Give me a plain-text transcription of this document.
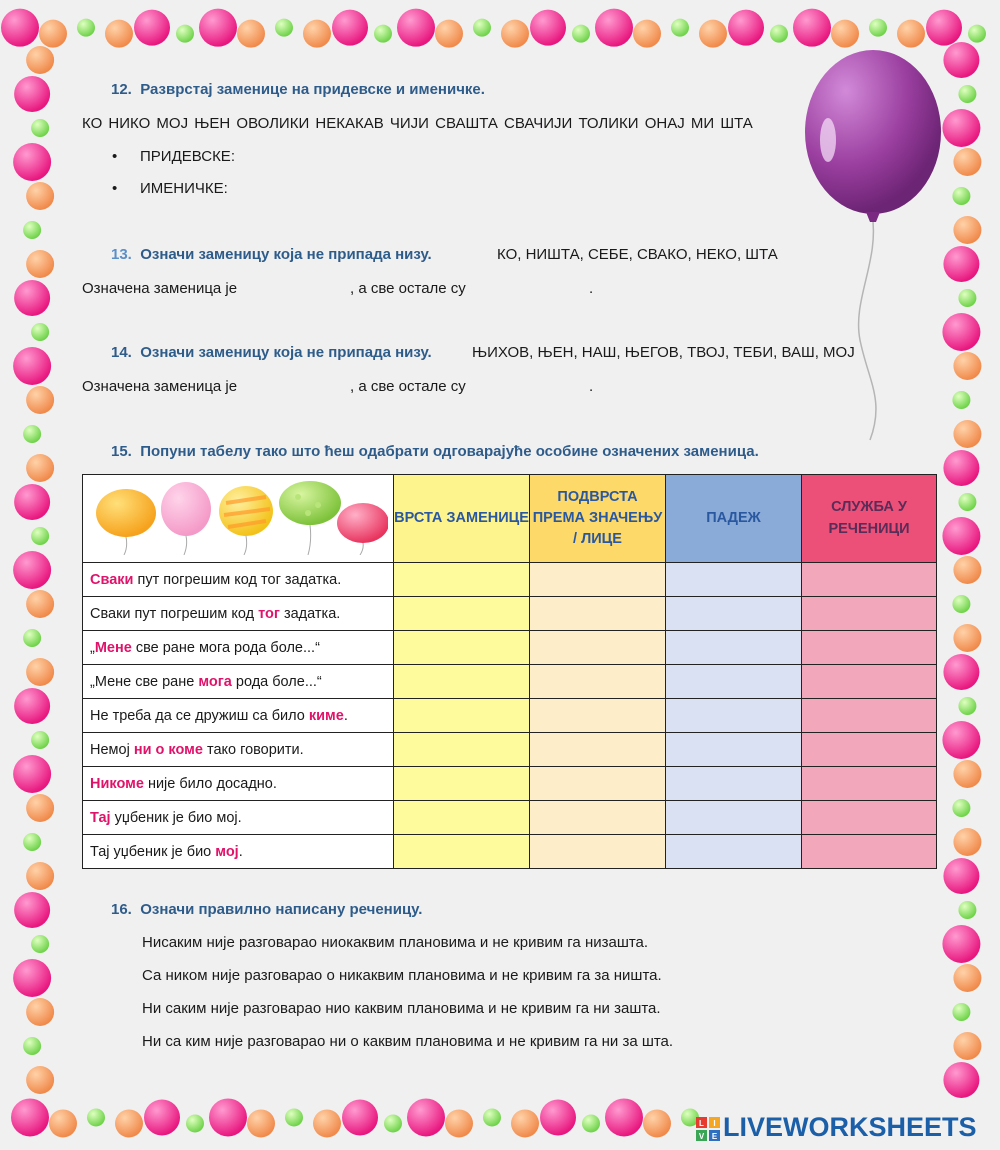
12. Разврстај заменице на придевске и именичке.
КО НИКО МОЈ ЊЕН ОВОЛИКИ НЕКАКАВ ЧИЈИ СВАШТА СВАЧИЈИ ТОЛИКИ ОНАЈ МИ ШТА
• ПРИДЕВСКЕ:
• ИМЕНИЧКЕ:
13. Означи заменицу која не припада низу.	КО, НИШТА, СЕБЕ, СВАКО, НЕКО, ШТА
Означена заменица је	, а све остале су	.
14. Означи заменицу која не припада низу.	ЊИХОВ, ЊЕН, НАШ, ЊЕГОВ, ТВОЈ, ТЕБИ, ВАШ, МОЈ
Означена заменица је	, а све остале су	.
15. Попуни табелу тако што ћеш одабрати одговарајуће особине означених заменица.
	ВРСТА ЗАМЕНИЦЕ	ПОДВРСТА ПРЕМА ЗНАЧЕЊУ / ЛИЦЕ	ПАДЕЖ	СЛУЖБА У РЕЧЕНИЦИ
Сваки пут погрешим код тог задатка.				
Сваки пут погрешим код тог задатка.				
„Мене све ране мога рода боле...“				
„Мене све ране мога рода боле...“				
Не треба да се дружиш са било киме.				
Немој ни о коме тако говорити.				
Никоме није било досадно.				
Тај уџбеник је био мој.				
Тај уџбеник је био мој.				
16. Означи правилно написану реченицу.
Нисаким није разговарао ниокаквим плановима и не кривим га низашта.
Са ником није разговарао о никаквим плановима и не кривим га за ништа.
Ни саким није разговарао нио каквим плановима и не кривим га ни зашта.
Ни са ким није разговарао ни о каквим плановима и не кривим га ни за шта.
L I
V E LIVEWORKSHEETS
